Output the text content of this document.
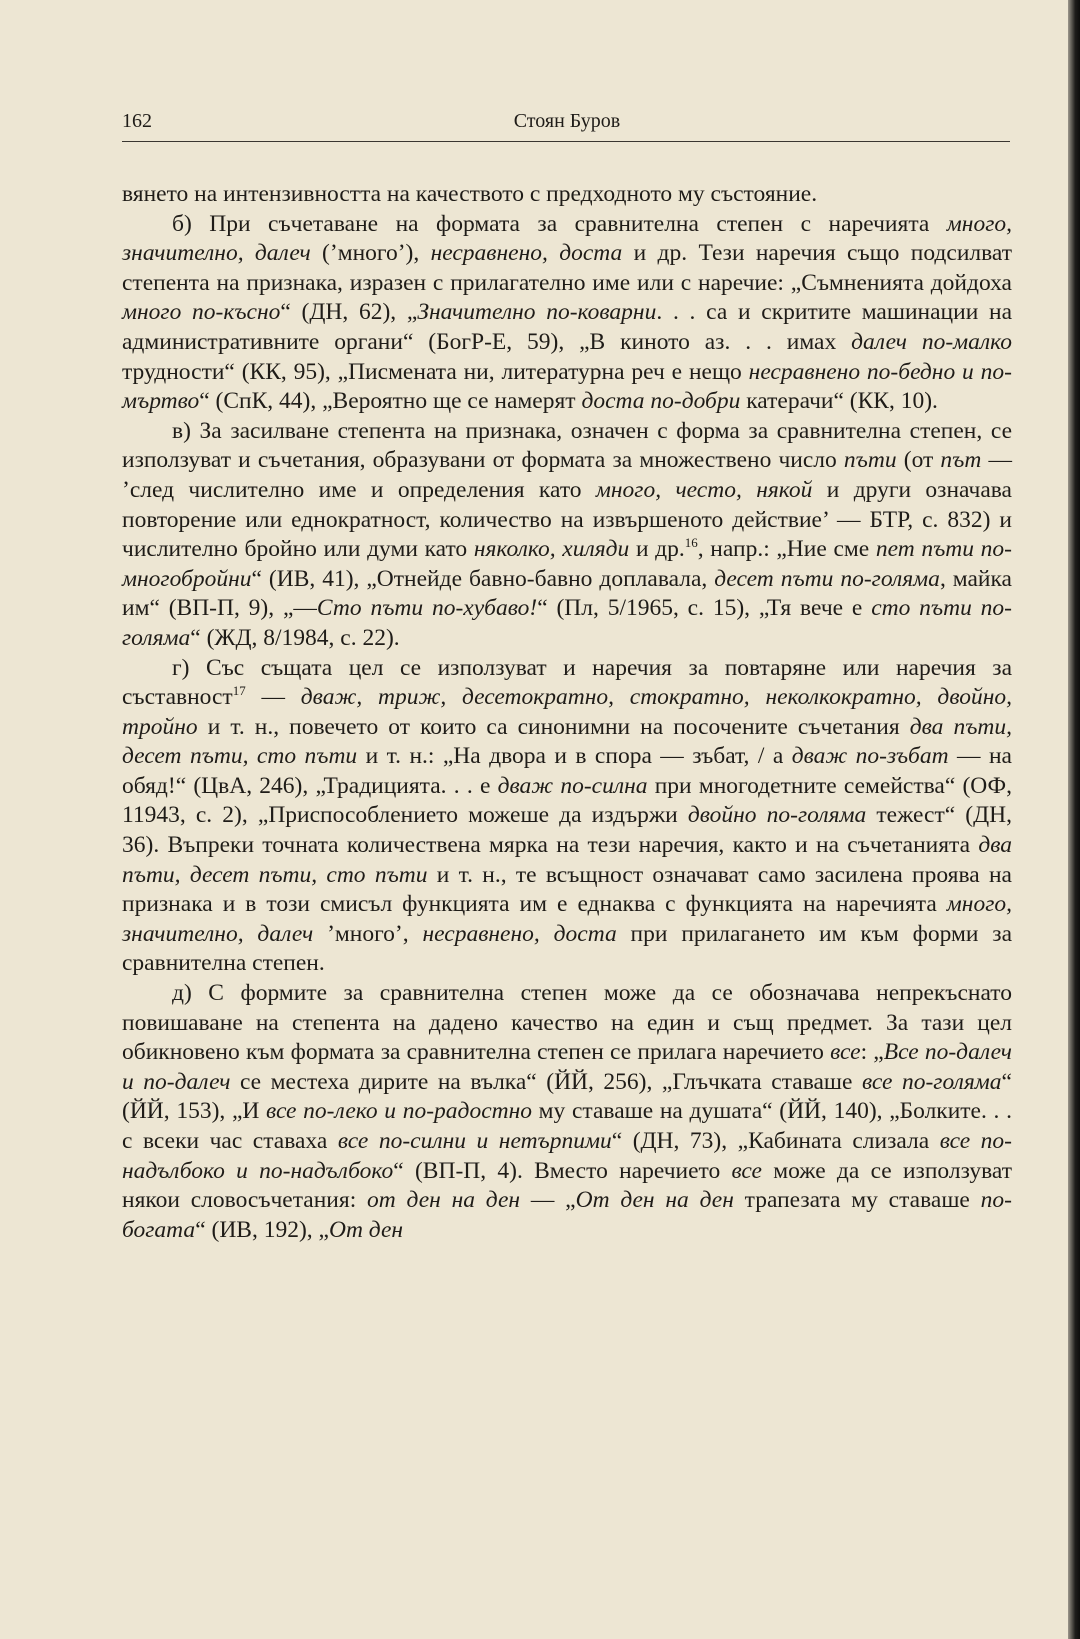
162	Стоян Буров

вянето на интензивността на качеството с предходното му състояние.

б) При съчетаване на формата за сравнителна степен с наречията много, значително, далеч (’много’), несравнено, доста и др. Тези наречия също подсилват степента на признака, изразен с прилагателно име или с наречие: „Съмненията дойдоха много по-късно“ (ДН, 62), „Значително по-коварни. . . са и скритите машинации на административните органи“ (БогР-Е, 59), „В киното аз. . . имах далеч по-малко трудности“ (КК, 95), „Писмената ни, литературна реч е нещо несравнено по-бедно и по-мъртво“ (СпК, 44), „Вероятно ще се намерят доста по-добри катерачи“ (КК, 10).

в) За засилване степента на признака, означен с форма за сравнителна степен, се използуват и съчетания, образувани от формата за множествено число пъти (от път — ’след числително име и определения като много, често, някой и други означава повторение или еднократност, количество на извършеното действие’ — БТР, с. 832) и числително бройно или думи като няколко, хиляди и др.$^{16}$, напр.: „Ние сме пет пъти по-многобройни“ (ИВ, 41), „Отнейде бавно-бавно доплавала, десет пъти по-голяма, майка им“ (ВП-П, 9), „—Сто пъти по-хубаво!“ (Пл, 5/1965, с. 15), „Тя вече е сто пъти по-голяма“ (ЖД, 8/1984, с. 22).

г) Със същата цел се използуват и наречия за повтаряне или наречия за съставност$^{17}$ — дваж, триж, десетократно, стократно, неколкократно, двойно, тройно и т. н., повечето от които са синонимни на посочените съчетания два пъти, десет пъти, сто пъти и т. н.: „На двора и в спора — зъбат, / а дваж по-зъбат — на обяд!“ (ЦвА, 246), „Традицията. . . е дваж по-силна при многодетните семейства“ (ОФ, 11943, с. 2), „Приспособлението можеше да издържи двойно по-голяма тежест“ (ДН, 36). Въпреки точната количествена мярка на тези наречия, както и на съчетанията два пъти, десет пъти, сто пъти и т. н., те всъщност означават само засилена проява на признака и в този смисъл функцията им е еднаква с функцията на наречията много, значително, далеч ’много’, несравнено, доста при прилагането им към форми за сравнителна степен.

д) С формите за сравнителна степен може да се обозначава непрекъснато повишаване на степента на дадено качество на един и същ предмет. За тази цел обикновено към формата за сравнителна степен се прилага наречието все: „Все по-далеч и по-далеч се местеха дирите на вълка“ (ЙЙ, 256), „Глъчката ставаше все по-голяма“ (ЙЙ, 153), „И все по-леко и по-радостно му ставаше на душата“ (ЙЙ, 140), „Болките. . . с всеки час ставаха все по-силни и нетърпими“ (ДН, 73), „Кабината слизала все по-надълбоко и по-надълбоко“ (ВП-П, 4). Вместо наречието все може да се използуват някои словосъчетания: от ден на ден — „От ден на ден трапезата му ставаше по-богата“ (ИВ, 192), „От ден
